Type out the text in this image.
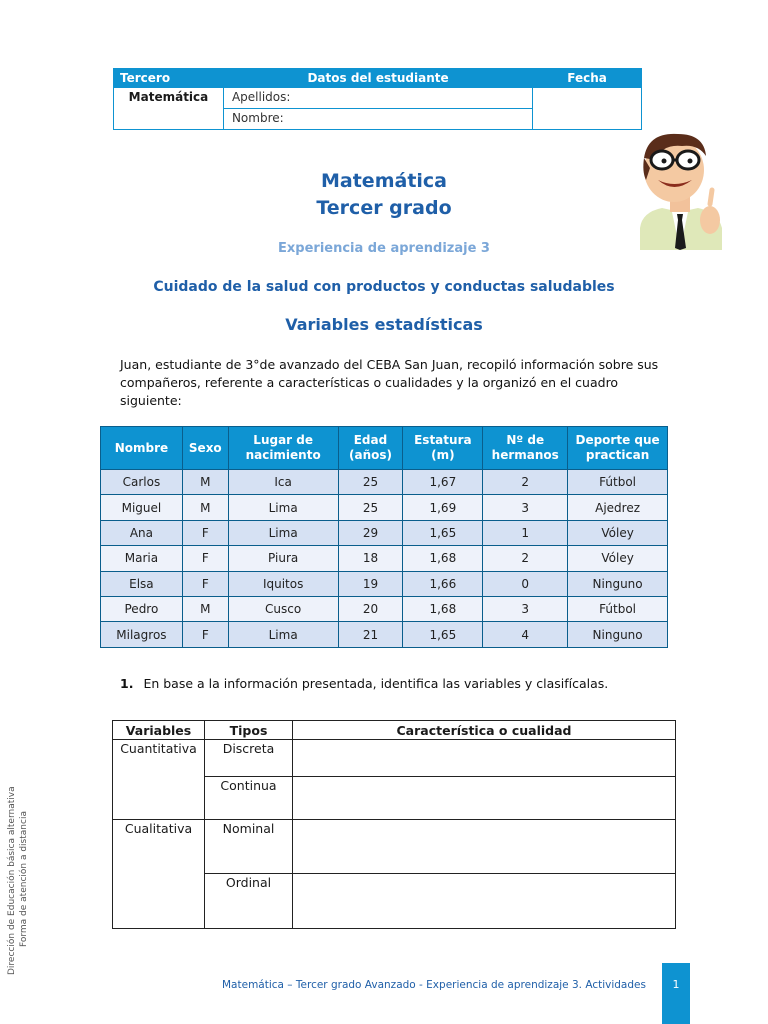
Tercero	Datos del estudiante	Fecha
Matemática	Apellidos:	
	Nombre:	
Matemática
Tercer grado
Experiencia de aprendizaje 3
Cuidado de la salud con productos y conductas saludables
Variables estadísticas

Juan, estudiante de 3°de avanzado del CEBA San Juan, recopiló información sobre sus compañeros, referente a características o cualidades y la organizó en el cuadro siguiente:

Nombre	Sexo	Lugar de nacimiento	Edad (años)	Estatura (m)	Nº de hermanos	Deporte que practican
Carlos	M	Ica	25	1,67	2	Fútbol
Miguel	M	Lima	25	1,69	3	Ajedrez
Ana	F	Lima	29	1,65	1	Vóley
Maria	F	Piura	18	1,68	2	Vóley
Elsa	F	Iquitos	19	1,66	0	Ninguno
Pedro	M	Cusco	20	1,68	3	Fútbol
Milagros	F	Lima	21	1,65	4	Ninguno
1. En base a la información presentada, identifica las variables y clasifícalas.
Variables	Tipos	Característica o cualidad
Cuantitativa	Discreta	
	Continua	
Cualitativa	Nominal	
	Ordinal	
Dirección de Educación básica alternativa Forma de atención a distancia
Matemática – Tercer grado Avanzado - Experiencia de aprendizaje 3. Actividades	1
